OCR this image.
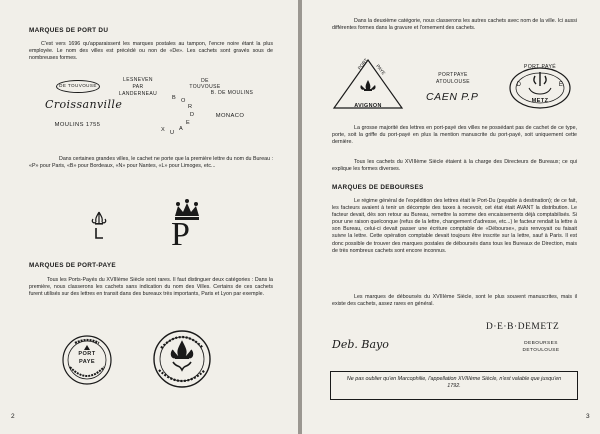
MARQUES DE PORT DU
C'est vers 1696 qu'apparaissent les marques postales au tampon, l'encre noire étant la plus employée. Le nom des villes est précédé ou non de «De». Les cachets sont gravés sous de nombreuses formes.
DE TOUVOUSE
LESNEVEN
PAR
LANDERNEAU
DE
TOUVOUSE
B. DE MOULINS
Croissanville	B OR D E A UX
MONACO
MOULINS 1755
Dans certaines grandes villes, le cachet ne porte que la première lettre du nom du Bureau : «P» pour Paris, «B» pour Bordeaux, «N» pour Nantes, «L» pour Limoges, etc...
P
MARQUES DE PORT-PAYE
Tous les Ports-Payés du XVIIIème Siècle sont rares. Il faut distinguer deux catégories : Dans la première, nous classerons les cachets sans indication du nom des Villes. Certains de ces cachets furent utilisés sur des lettres en transit dans des bureaux très importants, Paris et Lyon par exemple.
PORT
PAYE
2
Dans la deuxième catégorie, nous classerons les autres cachets avec nom de la ville. Ici aussi différentes formes dans la gravure et l'ornement des cachets.
PORT PAYE
AVIGNON
PORTPAYE
ATOULOUSE
CAEN P.P
PORT PAYÉ
D	E
METZ
La grosse majorité des lettres en port-payé des villes ne possédant pas de cachet de ce type, porte, soit la griffe du port-payé en plus la mention manuscrite du port-payé, soit uniquement cette dernière.
Tous les cachets du XVIIIème Siècle étaient à la charge des Directeurs de Bureaux; ce qui explique les formes diverses.
MARQUES DE DEBOURSES
Le régime général de l'expédition des lettres était le Port-Du (payable à destination); de ce fait, les facteurs avaient à tenir un décompte des taxes à recevoir, cet état était AVANT la distribution. Le facteur devait, dès son retour au Bureau, remettre la somme des encaissements déjà comptabilisés. Si pour une raison quelconque (refus de la lettre, changement d'adresse, etc...) le facteur rendait la lettre à son Bureau, celui-ci devait passer une écriture comptable de «Débourse», puis renvoyait ou faisait suivre la lettre. Cette opération comptable devait toujours être inscrite sur la lettre, sauf à Paris. Il est donc possible de trouver des marques postales de déboursés dans tous les Bureaux de Direction, mais de très nombreux cachets sont encore inconnus.
Les marques de déboursés du XVIIIème Siècle, sont le plus souvent manuscrites, mais il existe des cachets, assez rares en général.
Deb. Bayo
D·E·B·DEMETZ
DEBOURSES
DETOULOUSE
Ne pas oublier qu'en Marcophilie, l'appellation XVIIIème Siècle, n'est valable que jusqu'en 1792.
3
